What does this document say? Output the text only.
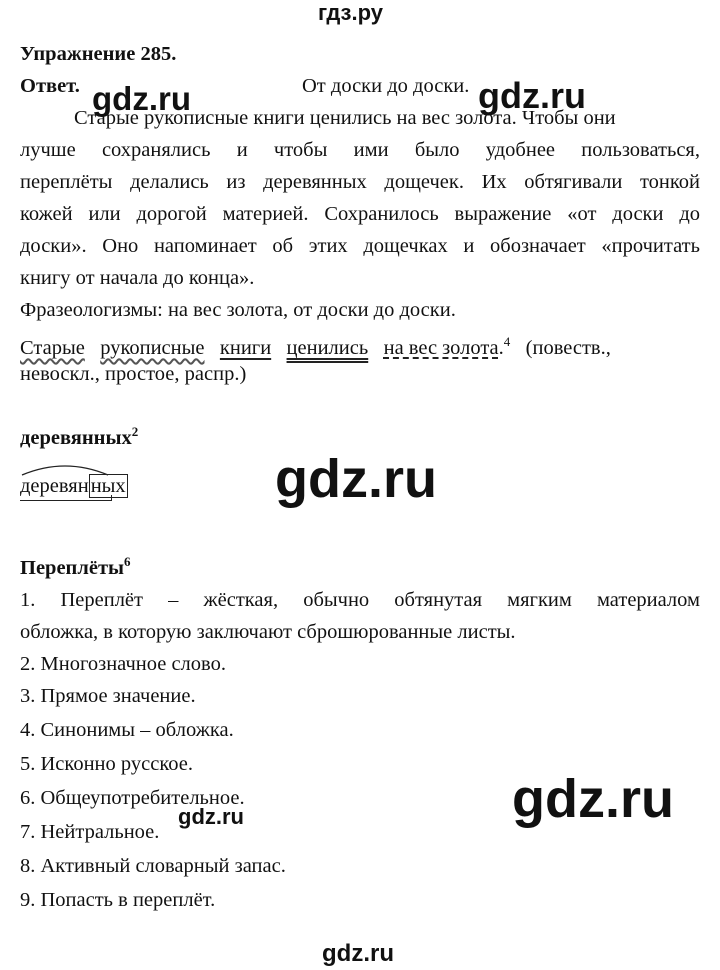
гдз.ру
gdz.ru	gdz.ru
gdz.ru
gdz.ru
gdz.ru
gdz.ru
Упражнение 285.
Ответ.	От доски до доски.
Старые рукописные книги ценились на вес золота. Чтобы они
лучше сохранялись и чтобы ими было удобнее пользоваться,
переплёты делались из деревянных дощечек. Их обтягивали тонкой
кожей или дорогой материей. Сохранилось выражение «от доски до
доски». Оно напоминает об этих дощечках и обозначает «прочитать
книгу от начала до конца».
Фразеологизмы: на вес золота, от доски до доски.
Старые рукописные книги ценились на вес золота.$^4$ (повеств.,
невоскл., простое, распр.)
деревянных$^2$
деревянных
Переплёты$^6$
1. Переплёт – жёсткая, обычно обтянутая мягким материалом
обложка, в которую заключают сброшюрованные листы.
2. Многозначное слово.
3. Прямое значение.
4. Синонимы – обложка.
5. Исконно русское.
6. Общеупотребительное.
7. Нейтральное.
8. Активный словарный запас.
9. Попасть в переплёт.
